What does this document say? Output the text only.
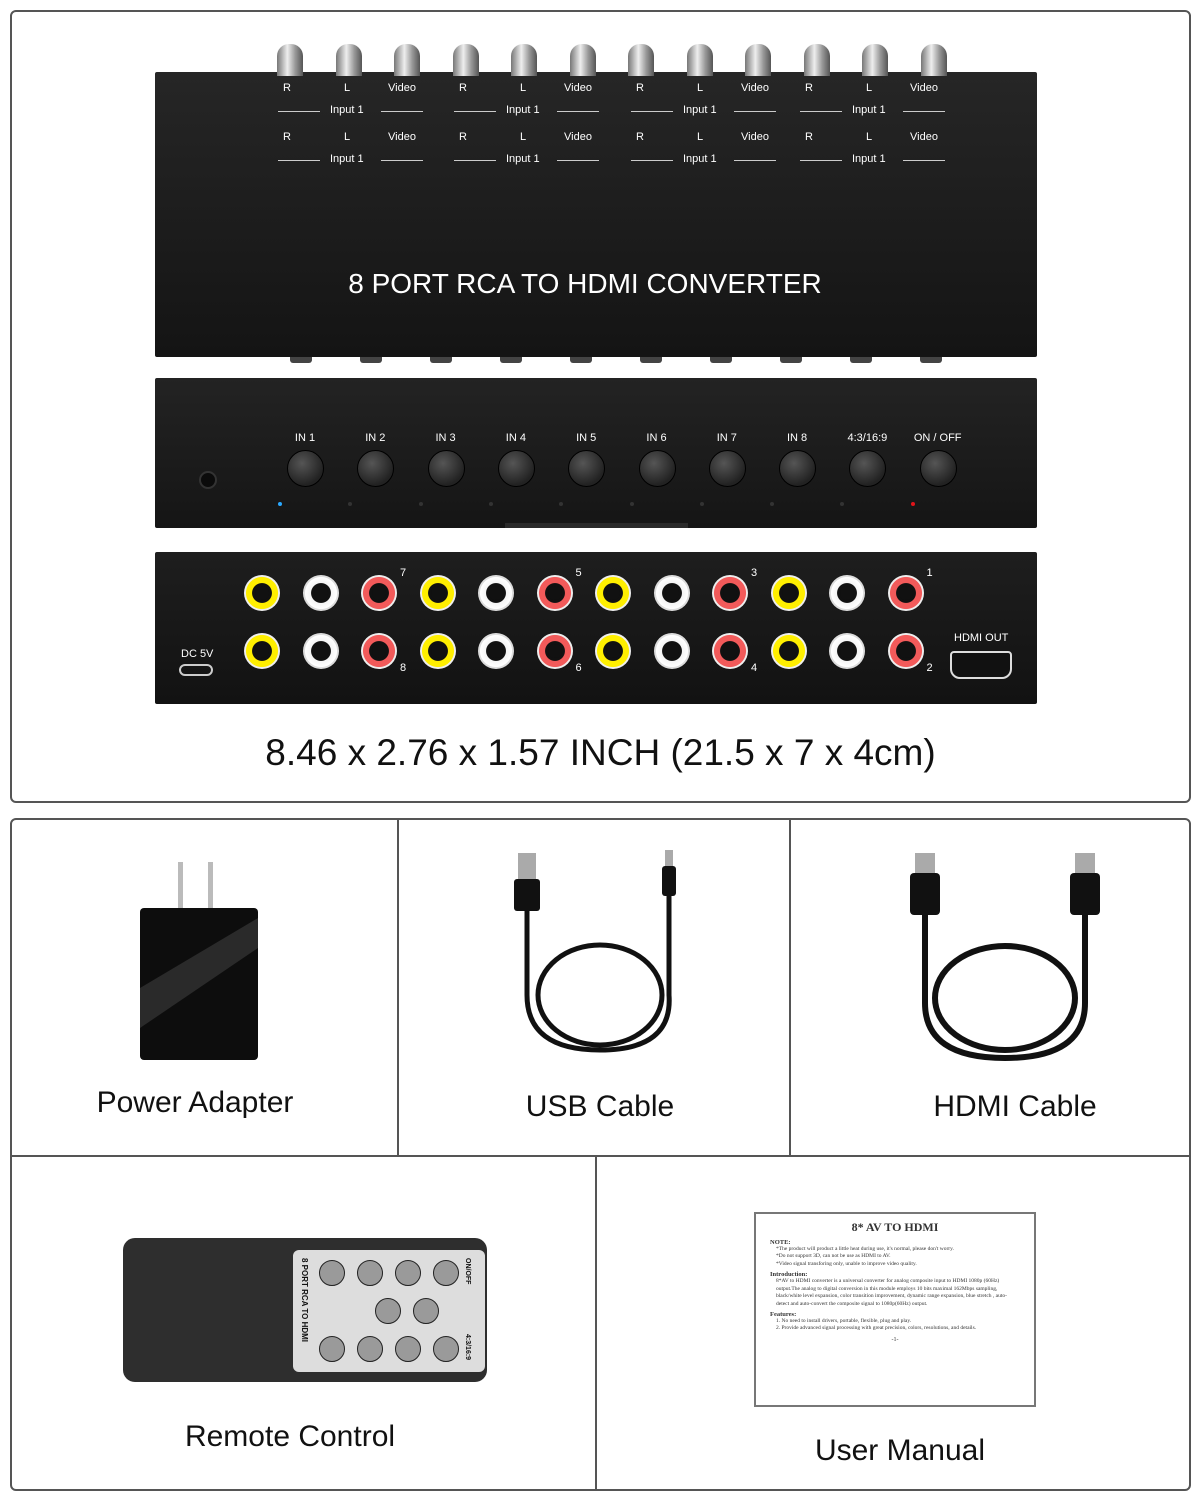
8 PORT RCA TO HDMI CONVERTER
DC 5V
HDMI OUT
8.46 x 2.76 x 1.57 INCH (21.5 x 7 x 4cm)
Power Adapter	USB Cable	HDMI Cable
8 PORT RCA TO HDMI	ON/OFF
4:3/16:9
Remote Control
8* AV TO HDMI
NOTE:

*The product will product a little heat during use, it's normal, please don't worry.

*Do not support 3D, can not be use as HDMI to AV.

*Video signal transforing only, unable to improve video quality.

Introduction:

8*AV to HDMI converter is a universal converter for analog composite input to HDMI 1080p (60Hz) output.The analog to digital conversion in this module employs 10 bits maximal 162Mbps sampling, black/white level expansion, color transition improvement, dynamic range expansion, blue stretch , auto-detect and auto-convert the composite signal to 1080p(60Hz) output.

Features:

1. No need to install drivers, portable, flexible, plug and play.

2. Provide advanced signal processing with great precision, colors, resolutions, and details.

-1-
User Manual
R	L	Video
Input 1
R	L	Video
Input 1
R	L	Video
Input 1
R	L	Video
Input 1
R	L	Video
Input 1
R	L	Video
Input 1
R	L	Video
Input 1
R	L	Video
Input 1
IN 1	IN 2	IN 3	IN 4	IN 5	IN 6	IN 7	IN 8	4:3/16:9	ON / OFF
7
8
5
6
3
4
1
2
